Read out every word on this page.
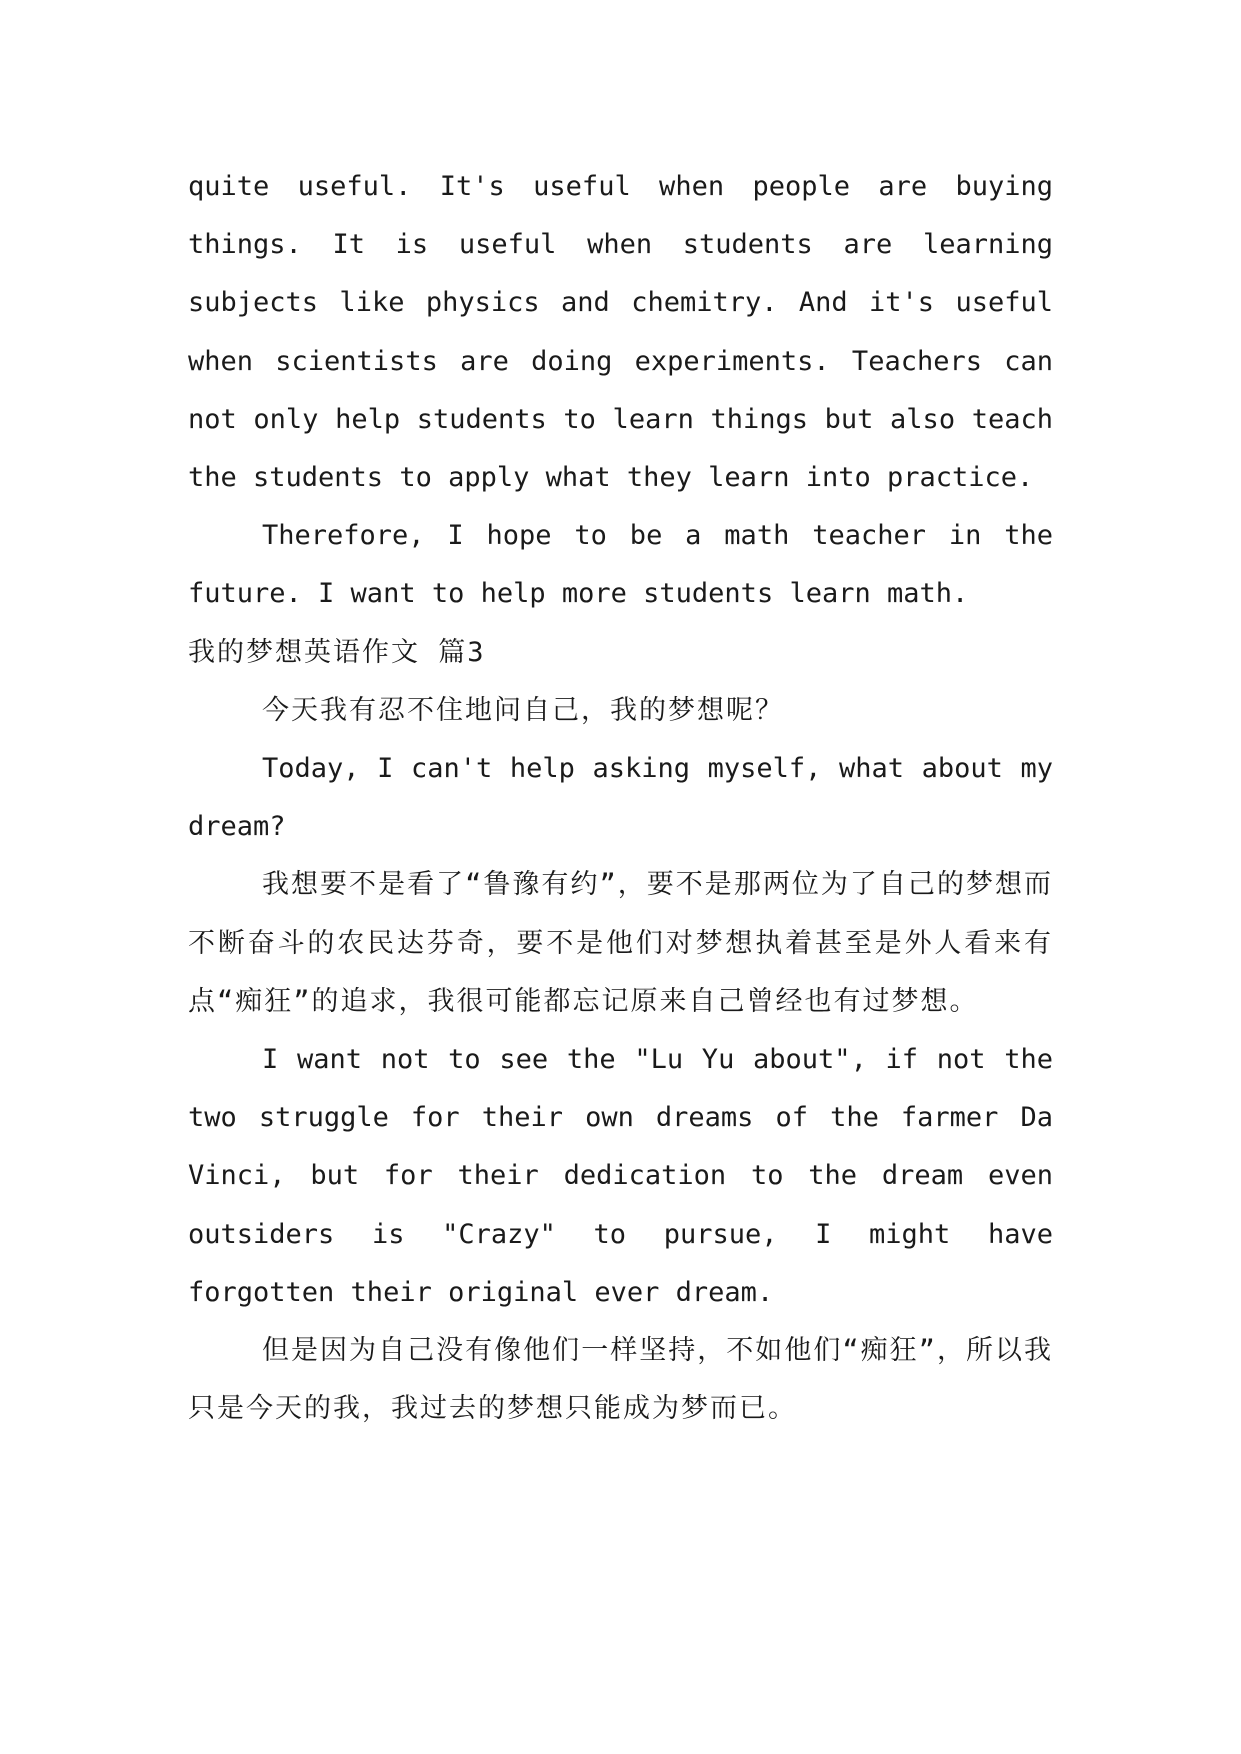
quite useful. It's useful when people are buying things. It is useful when students are learning subjects like physics and chemitry. And it's useful when scientists are doing experiments. Teachers can not only help students to learn things but also teach the students to apply what they learn into practice.

Therefore, I hope to be a math teacher in the future. I want to help more students learn math.

我的梦想英语作文 篇3

今天我有忍不住地问自己，我的梦想呢？

Today, I can't help asking myself, what about my dream?

我想要不是看了“鲁豫有约”，要不是那两位为了自己的梦想而不断奋斗的农民达芬奇，要不是他们对梦想执着甚至是外人看来有点“痴狂”的追求，我很可能都忘记原来自己曾经也有过梦想。

I want not to see the "Lu Yu about", if not the two struggle for their own dreams of the farmer Da Vinci, but for their dedication to the dream even outsiders is "Crazy" to pursue, I might have forgotten their original ever dream.

但是因为自己没有像他们一样坚持，不如他们“痴狂”，所以我只是今天的我，我过去的梦想只能成为梦而已。
